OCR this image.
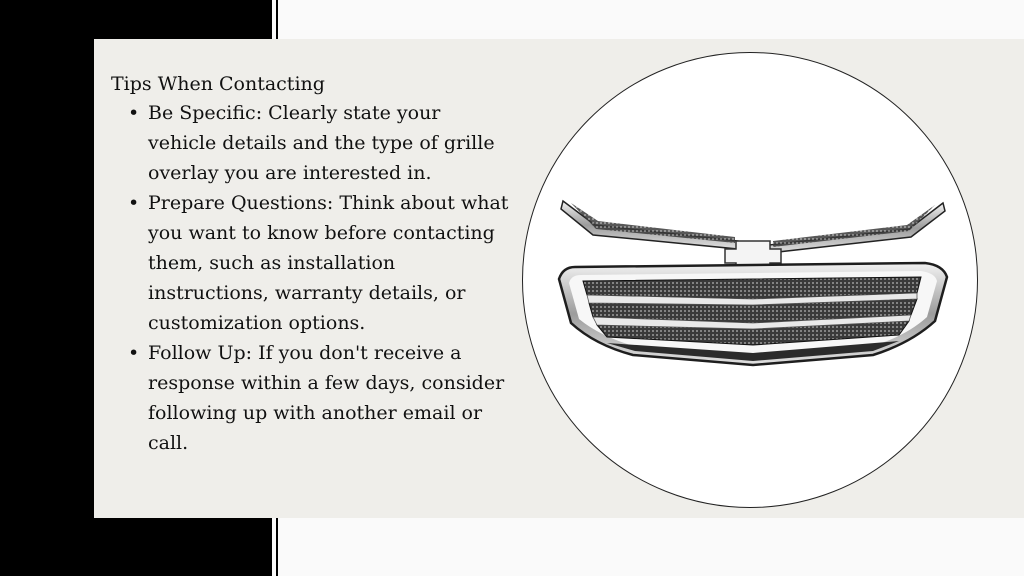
Tips When Contacting

• Be Specific: Clearly state your vehicle details and the type of grille overlay you are interested in.
• Prepare Questions: Think about what you want to know before contacting them, such as installation instructions, warranty details, or customization options.
• Follow Up: If you don't receive a response within a few days, consider following up with another email or call.
